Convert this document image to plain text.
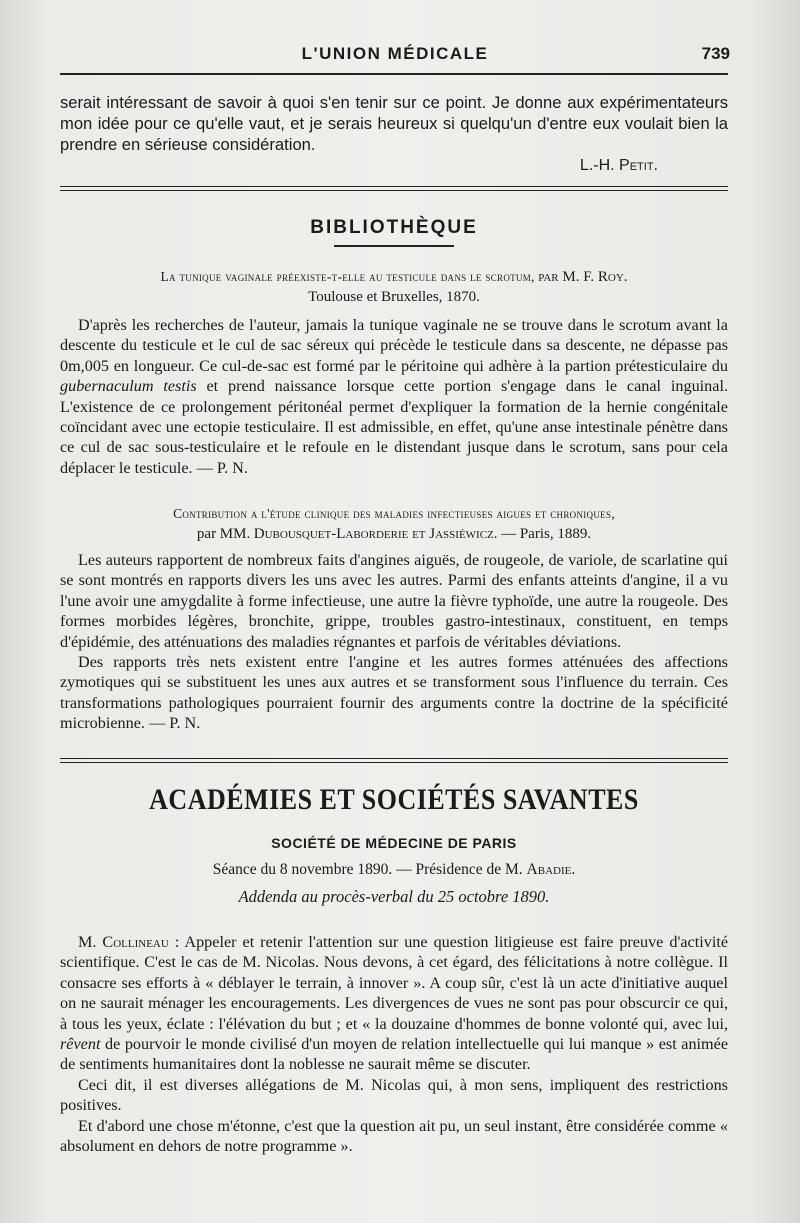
L'UNION MÉDICALE	739

serait intéressant de savoir à quoi s'en tenir sur ce point. Je donne aux expérimentateurs mon idée pour ce qu'elle vaut, et je serais heureux si quelqu'un d'entre eux voulait bien la prendre en sérieuse considération.

L.-H. Petit.

BIBLIOTHÈQUE
La tunique vaginale préexiste-t-elle au testicule dans le scrotum, par M. F. Roy.
Toulouse et Bruxelles, 1870.

D'après les recherches de l'auteur, jamais la tunique vaginale ne se trouve dans le scrotum avant la descente du testicule et le cul de sac séreux qui précède le testicule dans sa descente, ne dépasse pas 0m,005 en longueur. Ce cul-de-sac est formé par le péritoine qui adhère à la partion prétesticulaire du gubernaculum testis et prend naissance lorsque cette portion s'engage dans le canal inguinal. L'existence de ce prolongement péritonéal permet d'expliquer la formation de la hernie congénitale coïncidant avec une ectopie testiculaire. Il est admissible, en effet, qu'une anse intestinale pénètre dans ce cul de sac sous-testiculaire et le refoule en le distendant jusque dans le scrotum, sans pour cela déplacer le testicule. — P. N.

Contribution a l'étude clinique des maladies infectieuses aigues et chroniques,
par MM. Dubousquet-Laborderie et Jassiéwicz. — Paris, 1889.

Les auteurs rapportent de nombreux faits d'angines aiguës, de rougeole, de variole, de scarlatine qui se sont montrés en rapports divers les uns avec les autres. Parmi des enfants atteints d'angine, il a vu l'une avoir une amygdalite à forme infectieuse, une autre la fièvre typhoïde, une autre la rougeole. Des formes morbides légères, bronchite, grippe, troubles gastro-intestinaux, constituent, en temps d'épidémie, des atténuations des maladies régnantes et parfois de véritables déviations.

Des rapports très nets existent entre l'angine et les autres formes atténuées des affections zymotiques qui se substituent les unes aux autres et se transforment sous l'influence du terrain. Ces transformations pathologiques pourraient fournir des arguments contre la doctrine de la spécificité microbienne. — P. N.

ACADÉMIES ET SOCIÉTÉS SAVANTES
SOCIÉTÉ DE MÉDECINE DE PARIS
Séance du 8 novembre 1890. — Présidence de M. Abadie.
Addenda au procès-verbal du 25 octobre 1890.

M. Collineau : Appeler et retenir l'attention sur une question litigieuse est faire preuve d'activité scientifique. C'est le cas de M. Nicolas. Nous devons, à cet égard, des félicitations à notre collègue. Il consacre ses efforts à « déblayer le terrain, à innover ». A coup sûr, c'est là un acte d'initiative auquel on ne saurait ménager les encouragements. Les divergences de vues ne sont pas pour obscurcir ce qui, à tous les yeux, éclate : l'élévation du but ; et « la douzaine d'hommes de bonne volonté qui, avec lui, rêvent de pourvoir le monde civilisé d'un moyen de relation intellectuelle qui lui manque » est animée de sentiments humanitaires dont la noblesse ne saurait même se discuter.

Ceci dit, il est diverses allégations de M. Nicolas qui, à mon sens, impliquent des restrictions positives.

Et d'abord une chose m'étonne, c'est que la question ait pu, un seul instant, être considérée comme « absolument en dehors de notre programme ».
